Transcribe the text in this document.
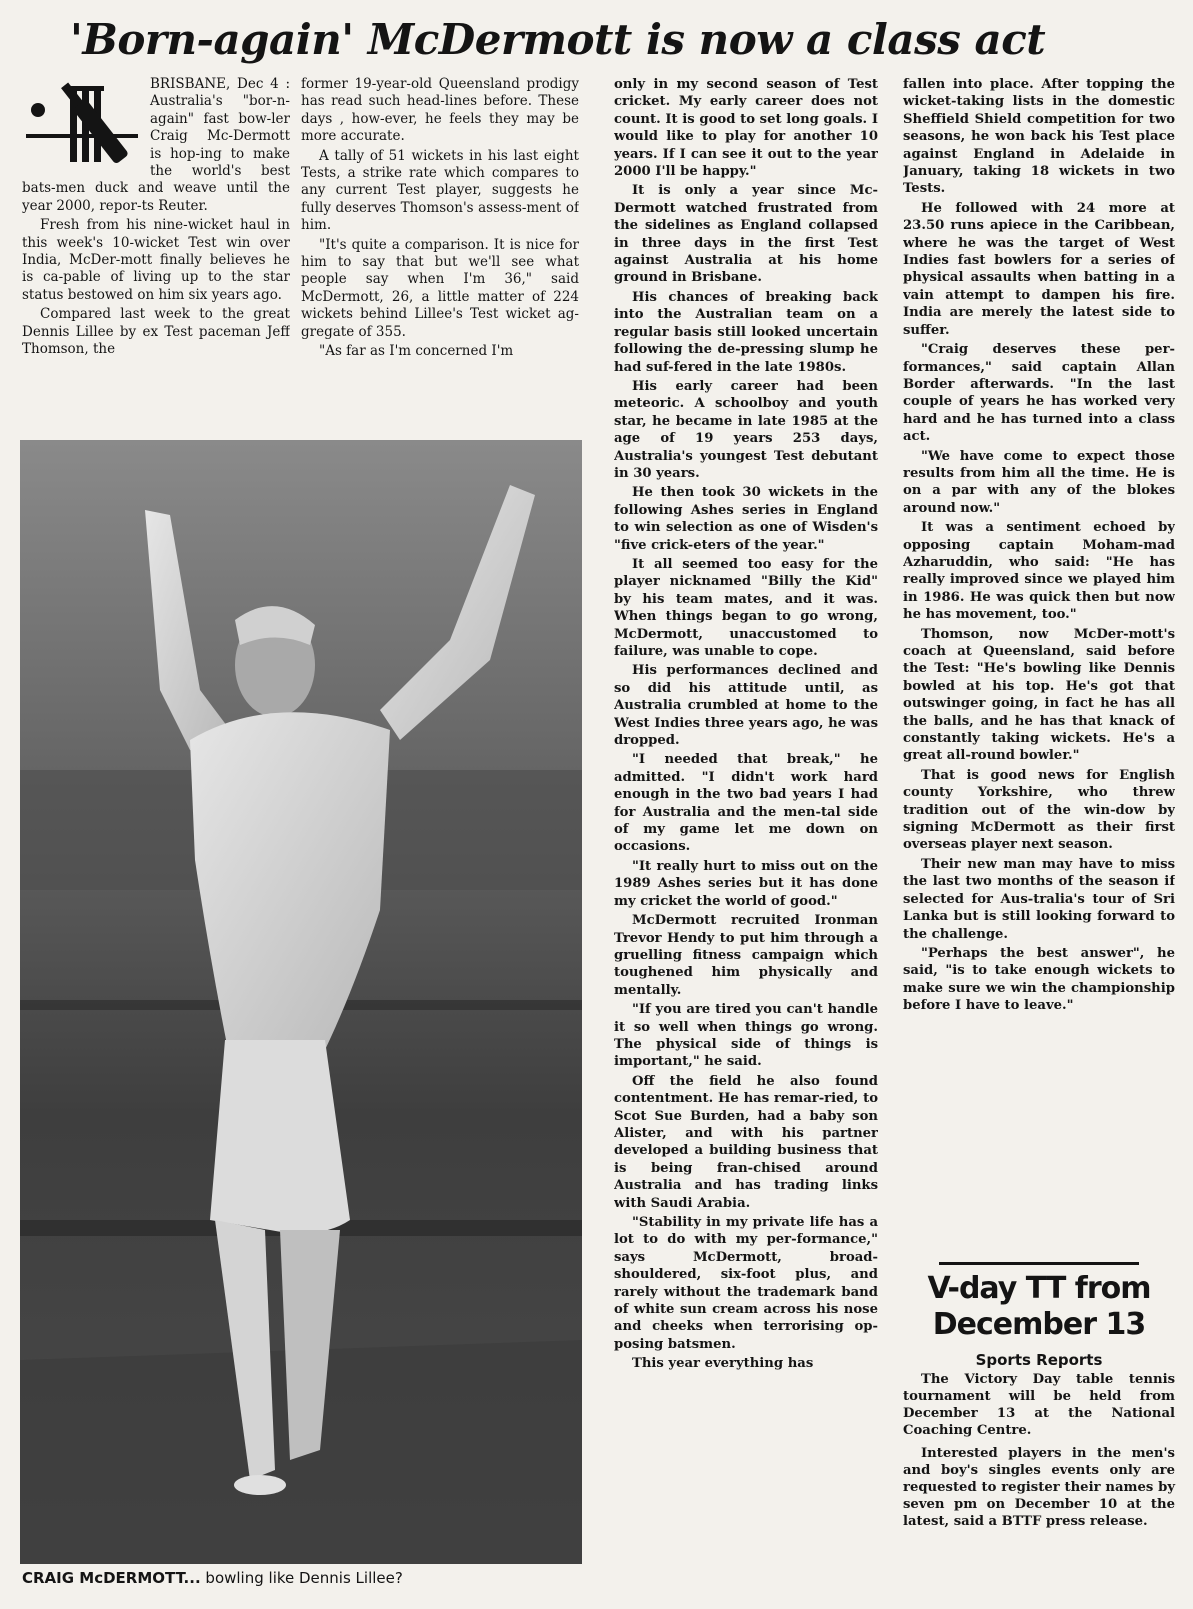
'Born-again' McDermott is now a class act

BRISBANE, Dec 4 : Australia's "bor-n-again" fast bow-ler Craig Mc-Dermott is hop-ing to make the world's best bats-men duck and weave until the year 2000, repor-ts Reuter.

Fresh from his nine-wicket haul in this week's 10-wicket Test win over India, McDer-mott finally believes he is ca-pable of living up to the star status bestowed on him six years ago.

Compared last week to the great Dennis Lillee by ex Test paceman Jeff Thomson, the

former 19-year-old Queensland prodigy has read such head-lines before. These days , how-ever, he feels they may be more accurate.

A tally of 51 wickets in his last eight Tests, a strike rate which compares to any current Test player, suggests he fully deserves Thomson's assess-ment of him.

"It's quite a comparison. It is nice for him to say that but we'll see what people say when I'm 36," said McDermott, 26, a little matter of 224 wickets behind Lillee's Test wicket ag-gregate of 355.

"As far as I'm concerned I'm

CRAIG McDERMOTT... bowling like Dennis Lillee?

only in my second season of Test cricket. My early career does not count. It is good to set long goals. I would like to play for another 10 years. If I can see it out to the year 2000 I'll be happy."

It is only a year since Mc-Dermott watched frustrated from the sidelines as England collapsed in three days in the first Test against Australia at his home ground in Brisbane.

His chances of breaking back into the Australian team on a regular basis still looked uncertain following the de-pressing slump he had suf-fered in the late 1980s.

His early career had been meteoric. A schoolboy and youth star, he became in late 1985 at the age of 19 years 253 days, Australia's youngest Test debutant in 30 years.

He then took 30 wickets in the following Ashes series in England to win selection as one of Wisden's "five crick-eters of the year."

It all seemed too easy for the player nicknamed "Billy the Kid" by his team mates, and it was. When things began to go wrong, McDermott, unaccustomed to failure, was unable to cope.

His performances declined and so did his attitude until, as Australia crumbled at home to the West Indies three years ago, he was dropped.

"I needed that break," he admitted. "I didn't work hard enough in the two bad years I had for Australia and the men-tal side of my game let me down on occasions.

"It really hurt to miss out on the 1989 Ashes series but it has done my cricket the world of good."

McDermott recruited Ironman Trevor Hendy to put him through a gruelling fitness campaign which toughened him physically and mentally.

"If you are tired you can't handle it so well when things go wrong. The physical side of things is important," he said.

Off the field he also found contentment. He has remar-ried, to Scot Sue Burden, had a baby son Alister, and with his partner developed a building business that is being fran-chised around Australia and has trading links with Saudi Arabia.

"Stability in my private life has a lot to do with my per-formance," says McDermott, broad-shouldered, six-foot plus, and rarely without the trademark band of white sun cream across his nose and cheeks when terrorising op-posing batsmen.

This year everything has

fallen into place. After topping the wicket-taking lists in the domestic Sheffield Shield competition for two seasons, he won back his Test place against England in Adelaide in January, taking 18 wickets in two Tests.

He followed with 24 more at 23.50 runs apiece in the Caribbean, where he was the target of West Indies fast bowlers for a series of physical assaults when batting in a vain attempt to dampen his fire. India are merely the latest side to suffer.

"Craig deserves these per-formances," said captain Allan Border afterwards. "In the last couple of years he has worked very hard and he has turned into a class act.

"We have come to expect those results from him all the time. He is on a par with any of the blokes around now."

It was a sentiment echoed by opposing captain Moham-mad Azharuddin, who said: "He has really improved since we played him in 1986. He was quick then but now he has movement, too."

Thomson, now McDer-mott's coach at Queensland, said before the Test: "He's bowling like Dennis bowled at his top. He's got that outswinger going, in fact he has all the balls, and he has that knack of constantly taking wickets. He's a great all-round bowler."

That is good news for English county Yorkshire, who threw tradition out of the win-dow by signing McDermott as their first overseas player next season.

Their new man may have to miss the last two months of the season if selected for Aus-tralia's tour of Sri Lanka but is still looking forward to the challenge.

"Perhaps the best answer", he said, "is to take enough wickets to make sure we win the championship before I have to leave."

V-day TT from
December 13
Sports Reports

The Victory Day table tennis tournament will be held from December 13 at the National Coaching Centre.

Interested players in the men's and boy's singles events only are requested to register their names by seven pm on December 10 at the latest, said a BTTF press release.
